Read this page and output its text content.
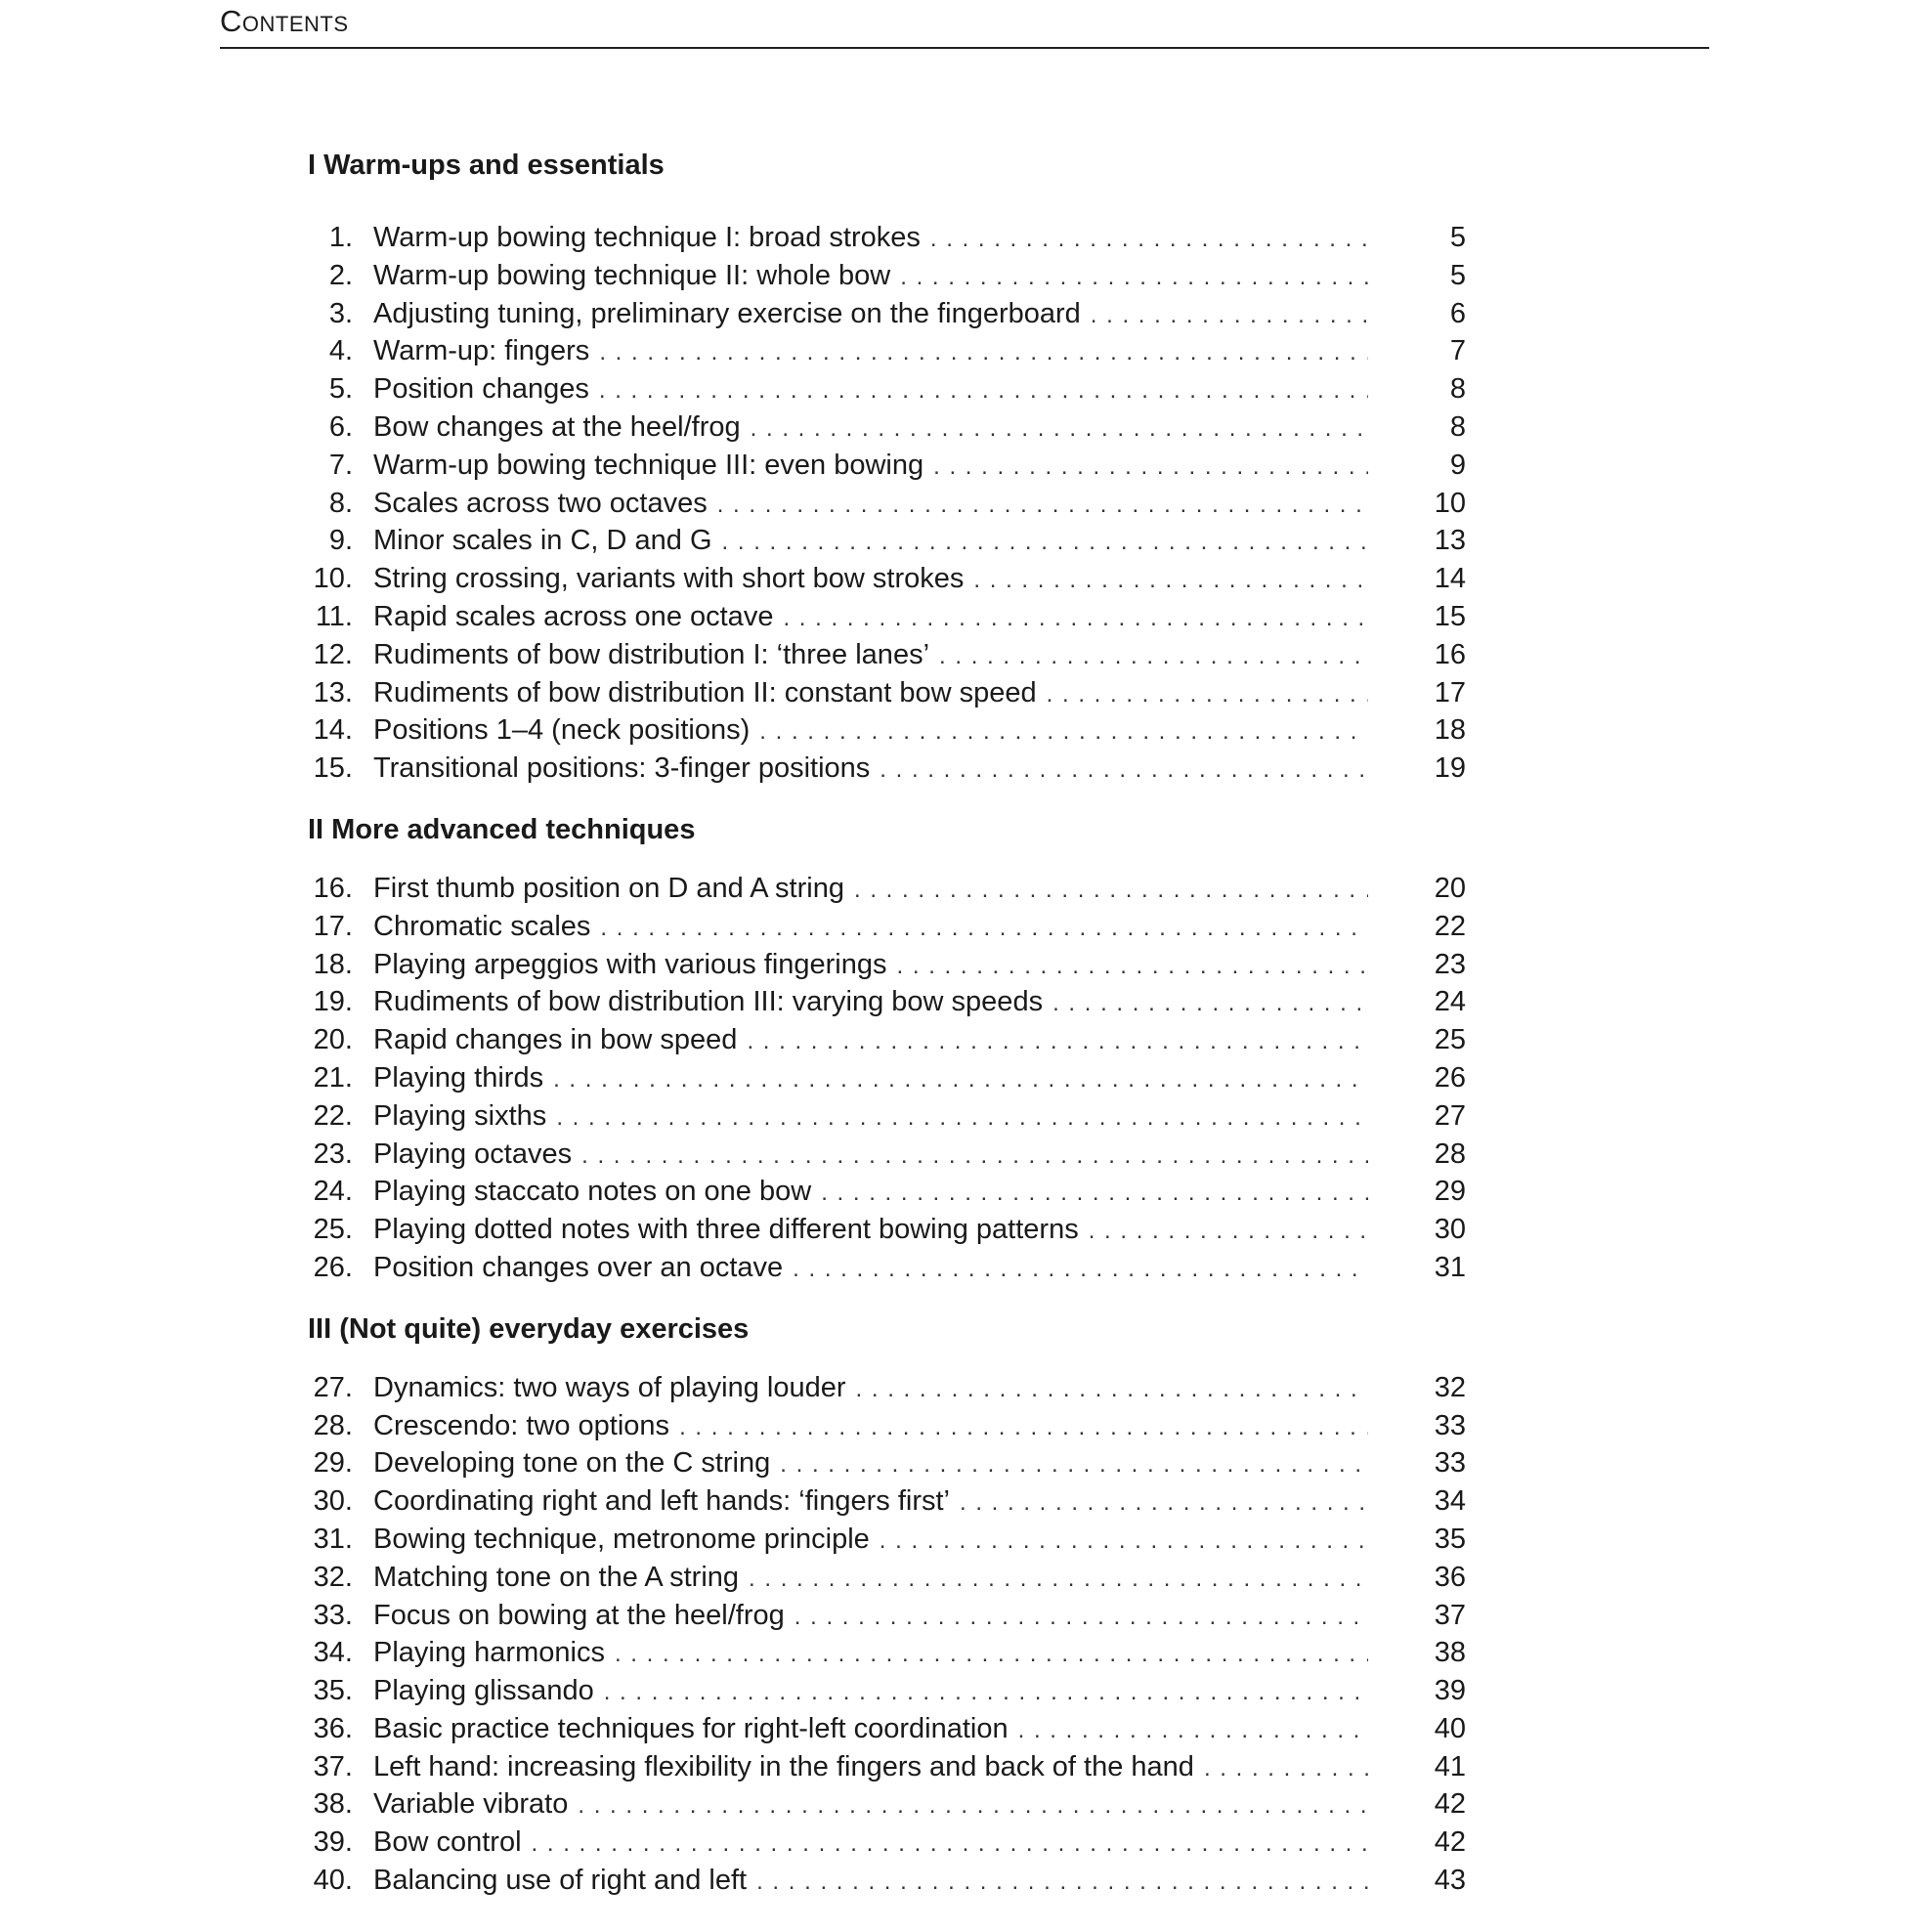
Contents
I Warm-ups and essentials
1. Warm-up bowing technique I: broad strokes . . .	5
2. Warm-up bowing technique II: whole bow . . .	5
3. Adjusting tuning, preliminary exercise on the fingerboard . . .	6
4. Warm-up: fingers . . .	7
5. Position changes . . .	8
6. Bow changes at the heel/frog . . .	8
7. Warm-up bowing technique III: even bowing . . .	9
8. Scales across two octaves . . .	10
9. Minor scales in C, D and G . . .	13
10. String crossing, variants with short bow strokes . . .	14
11. Rapid scales across one octave . . .	15
12. Rudiments of bow distribution I: ‘three lanes’ . . .	16
13. Rudiments of bow distribution II: constant bow speed . . .	17
14. Positions 1–4 (neck positions) . . .	18
15. Transitional positions: 3-finger positions . . .	19
II More advanced techniques
16. First thumb position on D and A string . . .	20
17. Chromatic scales . . .	22
18. Playing arpeggios with various fingerings . . .	23
19. Rudiments of bow distribution III: varying bow speeds . . .	24
20. Rapid changes in bow speed . . .	25
21. Playing thirds . . .	26
22. Playing sixths . . .	27
23. Playing octaves . . .	28
24. Playing staccato notes on one bow . . .	29
25. Playing dotted notes with three different bowing patterns . . .	30
26. Position changes over an octave . . .	31
III (Not quite) everyday exercises
27. Dynamics: two ways of playing louder . . .	32
28. Crescendo: two options . . .	33
29. Developing tone on the C string . . .	33
30. Coordinating right and left hands: ‘fingers first’ . . .	34
31. Bowing technique, metronome principle . . .	35
32. Matching tone on the A string . . .	36
33. Focus on bowing at the heel/frog . . .	37
34. Playing harmonics . . .	38
35. Playing glissando . . .	39
36. Basic practice techniques for right-left coordination . . .	40
37. Left hand: increasing flexibility in the fingers and back of the hand . . .	41
38. Variable vibrato . . .	42
39. Bow control . . .	42
40. Balancing use of right and left . . .	43
